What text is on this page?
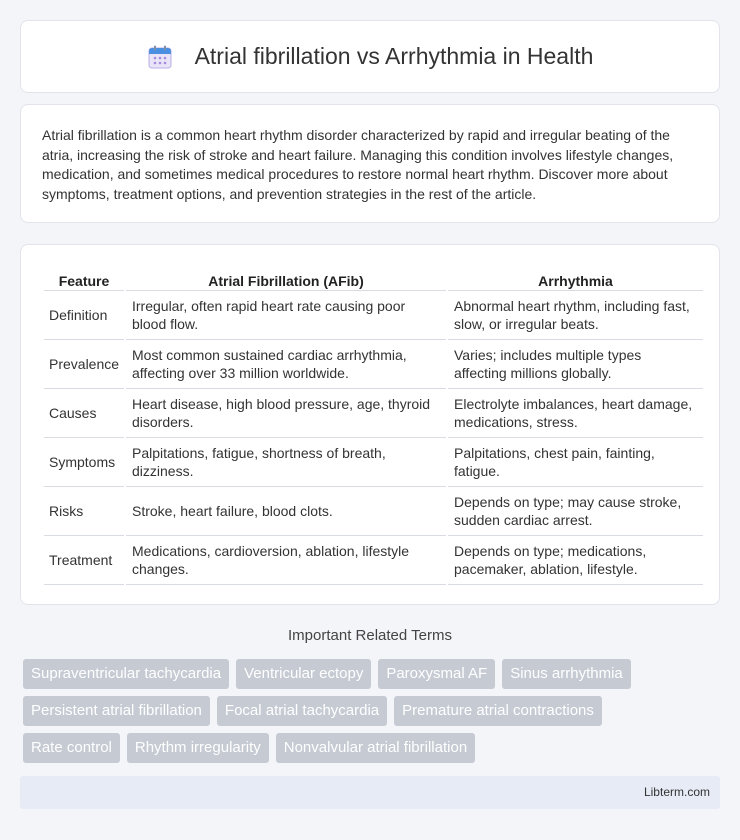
Atrial fibrillation vs Arrhythmia in Health

Atrial fibrillation is a common heart rhythm disorder characterized by rapid and irregular beating of the atria, increasing the risk of stroke and heart failure. Managing this condition involves lifestyle changes, medication, and sometimes medical procedures to restore normal heart rhythm. Discover more about symptoms, treatment options, and prevention strategies in the rest of the article.

Feature	Atrial Fibrillation (AFib)	Arrhythmia
Definition	Irregular, often rapid heart rate causing poor blood flow.	Abnormal heart rhythm, including fast, slow, or irregular beats.
Prevalence	Most common sustained cardiac arrhythmia, affecting over 33 million worldwide.	Varies; includes multiple types affecting millions globally.
Causes	Heart disease, high blood pressure, age, thyroid disorders.	Electrolyte imbalances, heart damage, medications, stress.
Symptoms	Palpitations, fatigue, shortness of breath, dizziness.	Palpitations, chest pain, fainting, fatigue.
Risks	Stroke, heart failure, blood clots.	Depends on type; may cause stroke, sudden cardiac arrest.
Treatment	Medications, cardioversion, ablation, lifestyle changes.	Depends on type; medications, pacemaker, ablation, lifestyle.
Important Related Terms
Supraventricular tachycardia	Ventricular ectopy	Paroxysmal AF	Sinus arrhythmia
Persistent atrial fibrillation	Focal atrial tachycardia	Premature atrial contractions
Rate control	Rhythm irregularity	Nonvalvular atrial fibrillation
Libterm.com
